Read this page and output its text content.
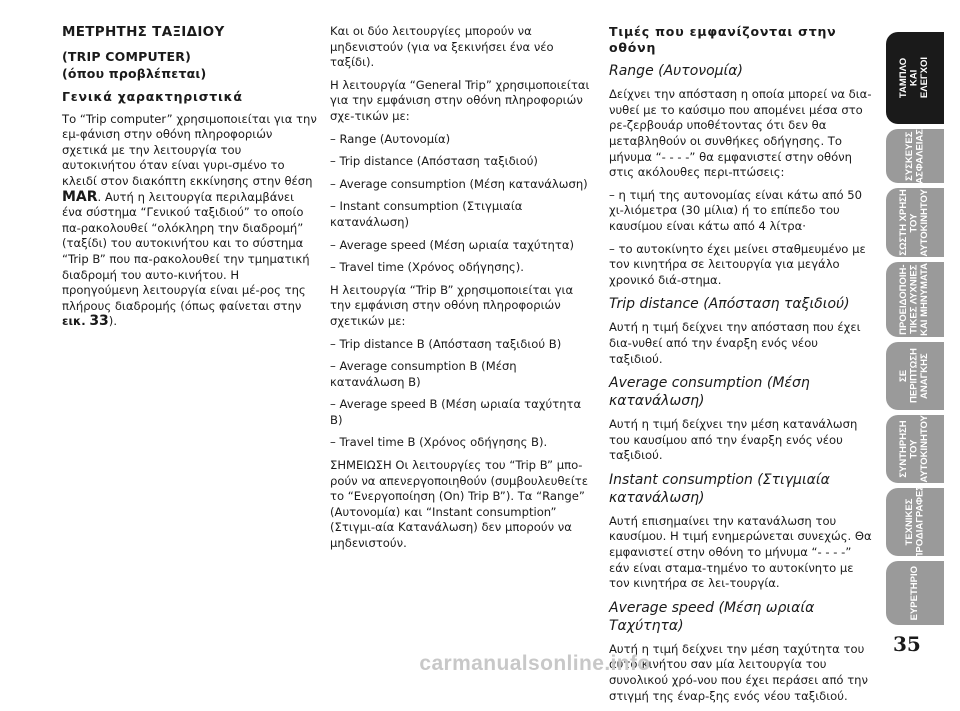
ΜΕΤΡΗΤΗΣ ΤΑΞΙΔΙΟΥ

(TRIP COMPUTER)
(όπου προβλέπεται)

Γενικά χαρακτηριστικά

Το “Trip computer” χρησιμοποιείται για την εμ-φάνιση στην οθόνη πληροφοριών σχετικά με την λειτουργία του αυτοκινήτου όταν είναι γυρι-σμένο το κλειδί στον διακόπτη εκκίνησης στην θέση MAR. Αυτή η λειτουργία περιλαμβάνει ένα σύστημα “Γενικού ταξιδιού” το οποίο πα-ρακολουθεί “ολόκληρη την διαδρομή” (ταξίδι) του αυτοκινήτου και το σύστημα “Trip B” που πα-ρακολουθεί την τμηματική διαδρομή του αυτο-κινήτου. Η προηγούμενη λειτουργία είναι μέ-ρος της πλήρους διαδρομής (όπως φαίνεται στην εικ. 33).

Και οι δύο λειτουργίες μπορούν να μηδενιστούν (για να ξεκινήσει ένα νέο ταξίδι).

Η λειτουργία “General Trip” χρησιμοποιείται για την εμφάνιση στην οθόνη πληροφοριών σχε-τικών με:

– Range (Αυτονομία)

– Trip distance (Απόσταση ταξιδιού)

– Average consumption (Μέση κατανάλωση)

– Instant consumption (Στιγμιαία κατανάλωση)

– Average speed (Μέση ωριαία ταχύτητα)

– Travel time (Χρόνος οδήγησης).

Η λειτουργία “Trip B” χρησιμοποιείται για την εμφάνιση στην οθόνη πληροφοριών σχετικών με:

– Trip distance B (Απόσταση ταξιδιού B)

– Average consumption B (Μέση κατανάλωση B)

– Average speed B (Μέση ωριαία ταχύτητα B)

– Travel time B (Χρόνος οδήγησης B).

ΣΗΜΕΙΩΣΗ Οι λειτουργίες του “Trip B” μπο-ρούν να απενεργοποιηθούν (συμβουλευθείτε το “Ενεργοποίηση (On) Trip B”). Τα “Range” (Αυτονομία) και “Instant consumption” (Στιγμι-αία Κατανάλωση) δεν μπορούν να μηδενιστούν.

Τιμές που εμφανίζονται στην οθόνη

Range (Αυτονομία)

Δείχνει την απόσταση η οποία μπορεί να δια-νυθεί με το καύσιμο που απομένει μέσα στο ρε-ζερβουάρ υποθέτοντας ότι δεν θα μεταβληθούν οι συνθήκες οδήγησης. Το μήνυμα “- - - -” θα εμφανιστεί στην οθόνη στις ακόλουθες περι-πτώσεις:

– η τιμή της αυτονομίας είναι κάτω από 50 χι-λιόμετρα (30 μίλια) ή το επίπεδο του καυσίμου είναι κάτω από 4 λίτρα·

– το αυτοκίνητο έχει μείνει σταθμευμένο με τον κινητήρα σε λειτουργία για μεγάλο χρονικό διά-στημα.

Trip distance (Απόσταση ταξιδιού)

Αυτή η τιμή δείχνει την απόσταση που έχει δια-νυθεί από την έναρξη ενός νέου ταξιδιού.

Average consumption (Μέση κατανάλωση)

Αυτή η τιμή δείχνει την μέση κατανάλωση του καυσίμου από την έναρξη ενός νέου ταξιδιού.

Instant consumption (Στιγμιαία κατανάλωση)

Αυτή επισημαίνει την κατανάλωση του καυσίμου. Η τιμή ενημερώνεται συνεχώς. Θα εμφανιστεί στην οθόνη το μήνυμα “- - - -” εάν είναι σταμα-τημένο το αυτοκίνητο με τον κινητήρα σε λει-τουργία.

Average speed (Μέση ωριαία Ταχύτητα)

Αυτή η τιμή δείχνει την μέση ταχύτητα του αυτο-κινήτου σαν μία λειτουργία του συνολικού χρό-νου που έχει περάσει από την στιγμή της έναρ-ξης ενός νέου ταξιδιού.

ΤΑΜΠΛΟ
ΚΑΙ
ΕΛΕΓΧΟΙ
ΣΥΣΚΕΥΕΣ
ΑΣΦΑΛΕΙΑΣ
ΣΩΣΤΗ ΧΡΗΣΗ
ΤΟΥ
ΑΥΤΟΚΙΝΗΤΟΥ
ΠΡΟΕΙΔΟΠΟΙΗ-
ΤΙΚΕΣ ΛΥΧΝΙΕΣ
ΚΑΙ ΜΗΝΥΜΑΤΑ
ΣΕ ΠΕΡΙΠΤΩΣΗ
ΑΝΑΓΚΗΣ
ΣΥΝΤΗΡΗΣΗ
ΤΟΥ
ΑΥΤΟΚΙΝΗΤΟΥ
ΤΕΧΝΙΚΕΣ
ΠΡΟΔΙΑΓΡΑΦΕΣ
ΕΥΡΕΤΗΡΙΟ
35
carmanualsonline.info
